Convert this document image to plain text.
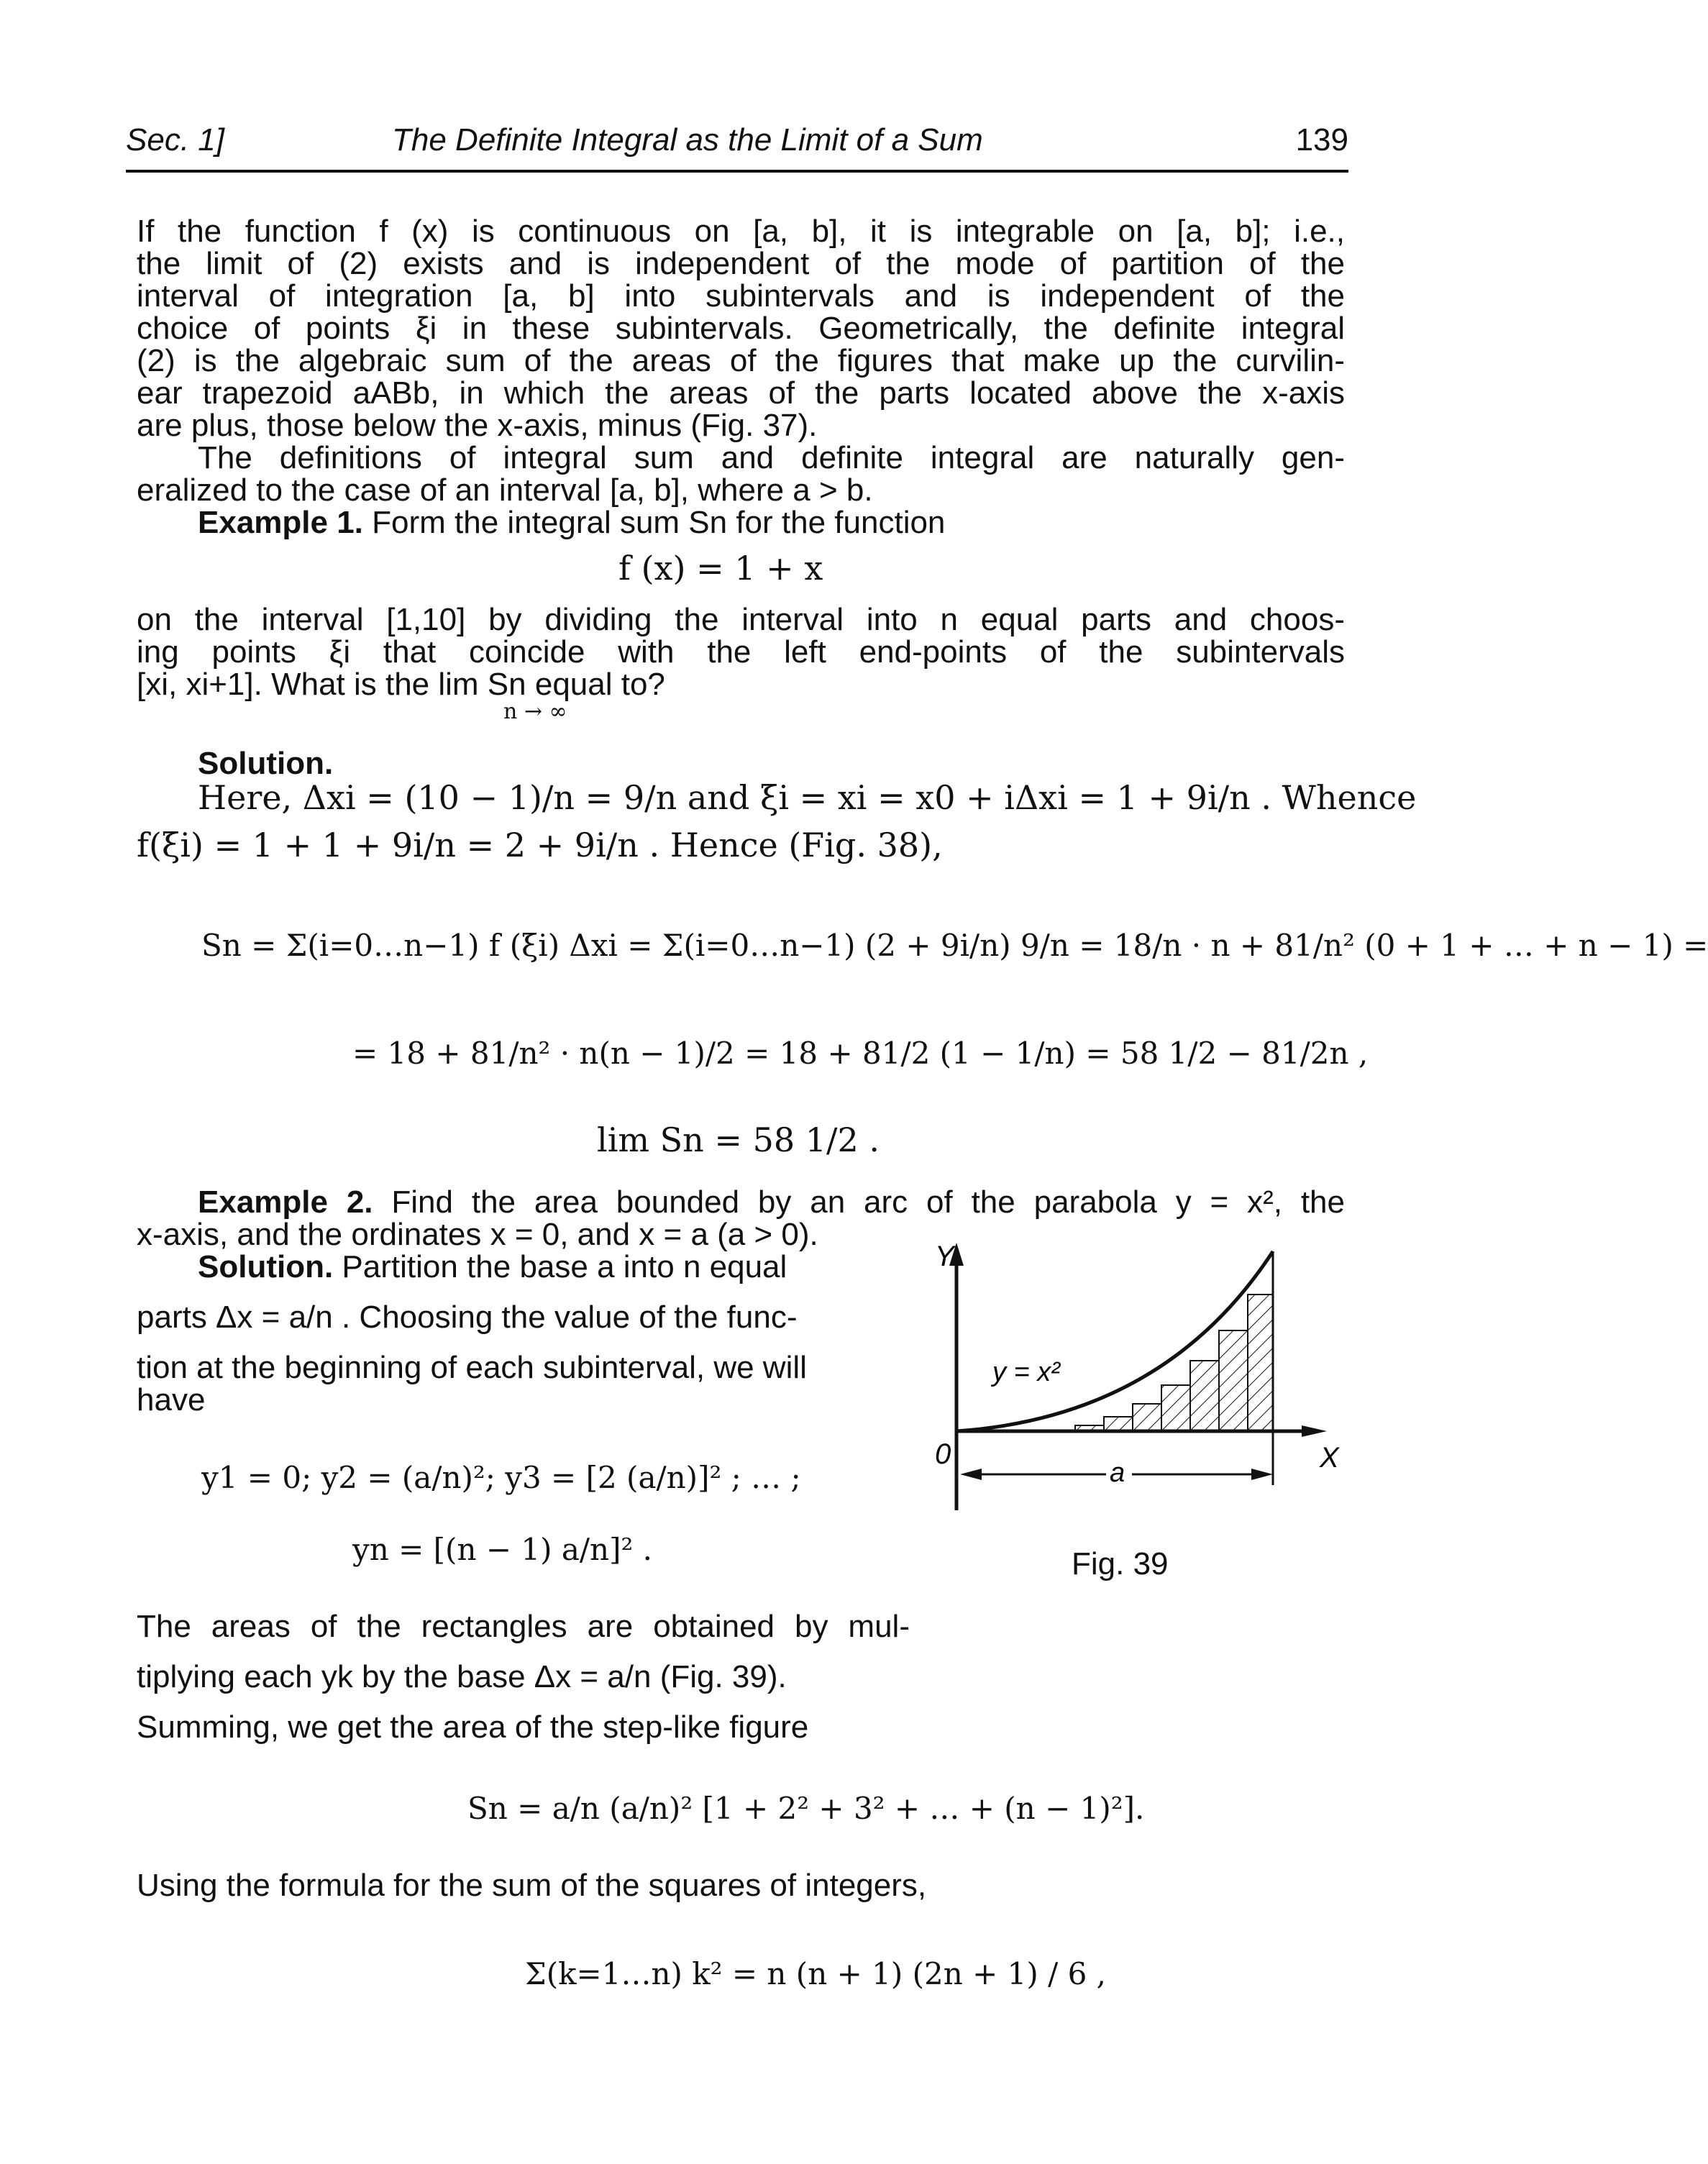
Sec. 1]	The Definite Integral as the Limit of a Sum	139
If the function f (x) is continuous on [a, b], it is integrable on [a, b]; i.e.,
the limit of (2) exists and is independent of the mode of partition of the
interval of integration [a, b] into subintervals and is independent of the
choice of points ξi in these subintervals. Geometrically, the definite integral
(2) is the algebraic sum of the areas of the figures that make up the curvilin-
ear trapezoid aABb, in which the areas of the parts located above the x-axis
are plus, those below the x-axis, minus (Fig. 37).
The definitions of integral sum and definite integral are naturally gen-
eralized to the case of an interval [a, b], where a > b.
Example 1. Form the integral sum Sn for the function
f (x) = 1 + x
on the interval [1,10] by dividing the interval into n equal parts and choos-
ing points ξi that coincide with the left end-points of the subintervals
[xi, xi+1]. What is the lim Sn equal to?
n → ∞
Solution. Here, Δxi = (10 − 1)/n = 9/n and ξi = xi = x0 + iΔxi = 1 + 9i/n . Whence
f(ξi) = 1 + 1 + 9i/n = 2 + 9i/n . Hence (Fig. 38),
Sn = Σ(i=0…n−1) f (ξi) Δxi = Σ(i=0…n−1) (2 + 9i/n) 9/n = 18/n · n + 81/n² (0 + 1 + … + n − 1) =
= 18 + 81/n² · n(n − 1)/2 = 18 + 81/2 (1 − 1/n) = 58 1/2 − 81/2n ,
lim Sn = 58 1/2 .
Example 2. Find the area bounded by an arc of the parabola y = x², the
x-axis, and the ordinates x = 0, and x = a (a > 0).
Solution. Partition the base a into n equal
parts Δx = a/n . Choosing the value of the func-
tion at the beginning of each subinterval, we will
have
y1 = 0; y2 = (a/n)²; y3 = [2 (a/n)]² ; … ;
yn = [(n − 1) a/n]² .
The areas of the rectangles are obtained by mul-
tiplying each yk by the base Δx = a/n (Fig. 39).
Summing, we get the area of the step-like figure
Sn = a/n (a/n)² [1 + 2² + 3² + … + (n − 1)²].
Using the formula for the sum of the squares of integers,
Σ(k=1…n) k² = n (n + 1) (2n + 1) / 6 ,
Y
X
0
y = x²
a
Fig. 39
